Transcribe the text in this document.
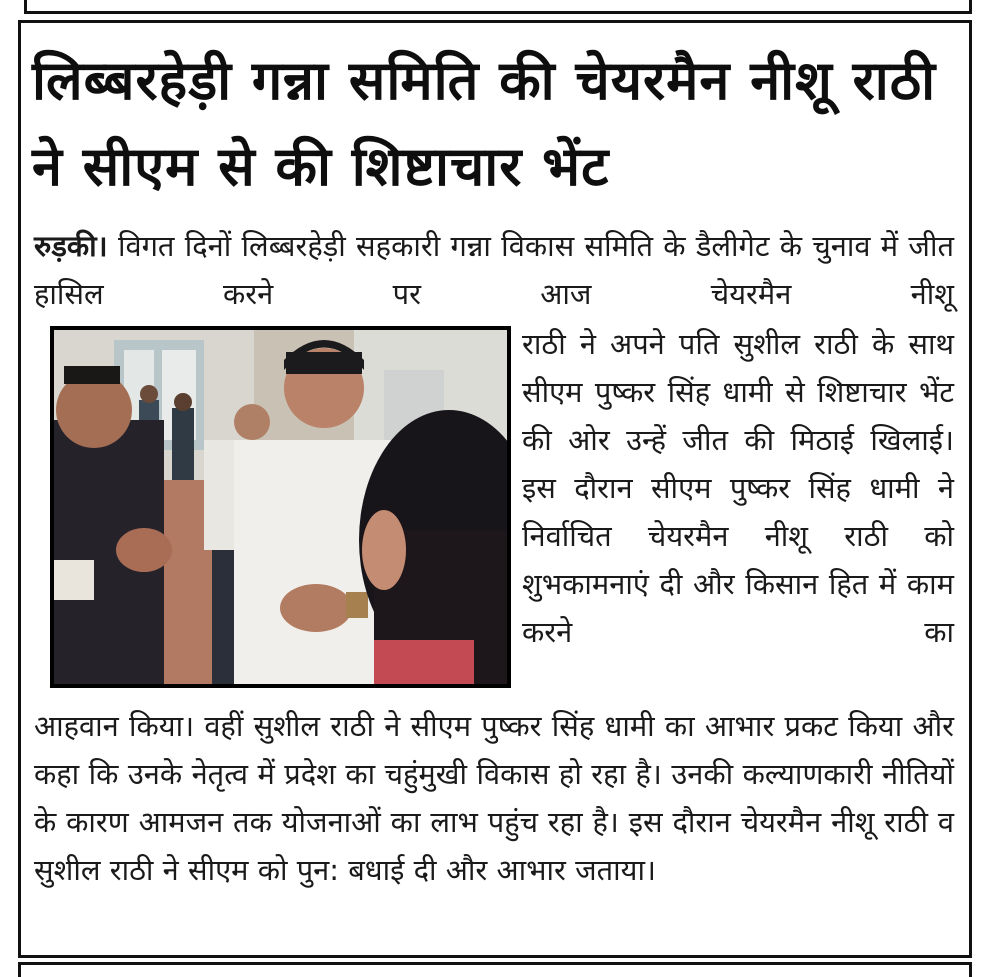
लिब्बरहेड़ी गन्ना समिति की चेयरमैन नीशू राठी ने सीएम से की शिष्टाचार भेंट

रुड़की। विगत दिनों लिब्बरहेड़ी सहकारी गन्ना विकास समिति के डैलीगेट के चुनाव में जीत हासिल करने पर आज चेयरमैन नीशू

राठी ने अपने पति सुशील राठी के साथ सीएम पुष्कर सिंह धामी से शिष्टाचार भेंट की ओर उन्हें जीत की मिठाई खिलाई। इस दौरान सीएम पुष्कर सिंह धामी ने निर्वाचित चेयरमैन नीशू राठी को शुभकामनाएं दी और किसान हित में काम करने का

आहवान किया। वहीं सुशील राठी ने सीएम पुष्कर सिंह धामी का आभार प्रकट किया और कहा कि उनके नेतृत्व में प्रदेश का चहुंमुखी विकास हो रहा है। उनकी कल्याणकारी नीतियों के कारण आमजन तक योजनाओं का लाभ पहुंच रहा है। इस दौरान चेयरमैन नीशू राठी व सुशील राठी ने सीएम को पुन: बधाई दी और आभार जताया।
